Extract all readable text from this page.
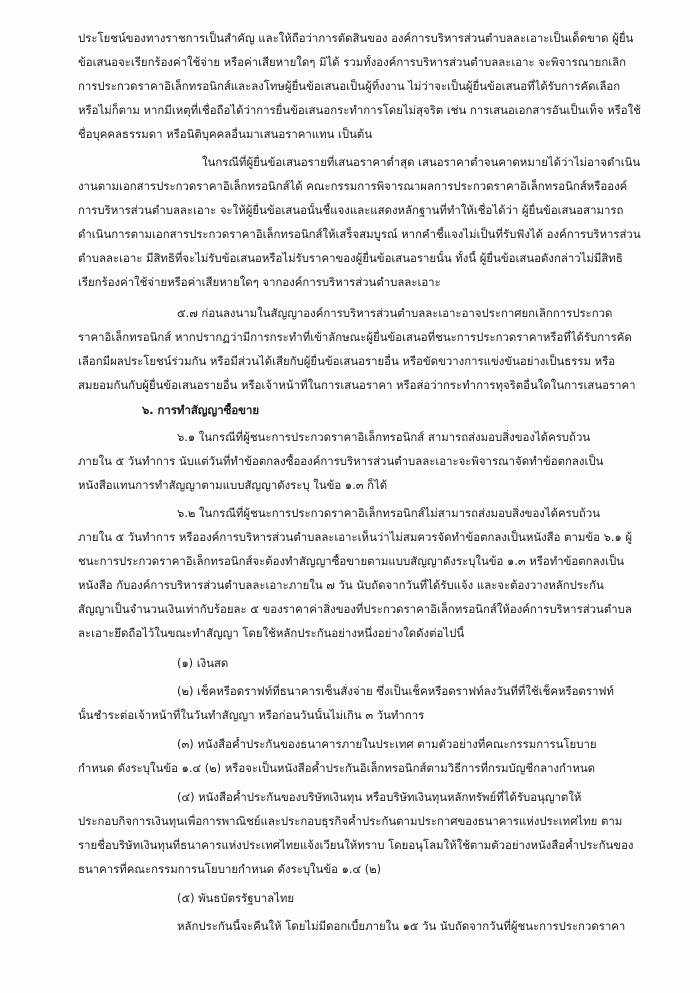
ประโยชน์ของทางราชการเป็นสำคัญ และให้ถือว่าการตัดสินของ องค์การบริหารส่วนตำบลละเอาะเป็นเด็ดขาด ผู้ยื่น
ข้อเสนอจะเรียกร้องค่าใช้จ่าย หรือค่าเสียหายใดๆ มิได้ รวมทั้งองค์การบริหารส่วนตำบลละเอาะ จะพิจารณายกเลิก
การประกวดราคาอิเล็กทรอนิกส์และลงโทษผู้ยื่นข้อเสนอเป็นผู้ทิ้งงาน ไม่ว่าจะเป็นผู้ยื่นข้อเสนอที่ได้รับการคัดเลือก
หรือไม่ก็ตาม หากมีเหตุที่เชื่อถือได้ว่าการยื่นข้อเสนอกระทำการโดยไม่สุจริต เช่น การเสนอเอกสารอันเป็นเท็จ หรือใช้
ชื่อบุคคลธรรมดา หรือนิติบุคคลอื่นมาเสนอราคาแทน เป็นต้น
ในกรณีที่ผู้ยื่นข้อเสนอรายที่เสนอราคาต่ำสุด เสนอราคาต่ำจนคาดหมายได้ว่าไม่อาจดำเนิน
งานตามเอกสารประกวดราคาอิเล็กทรอนิกส์ได้ คณะกรรมการพิจารณาผลการประกวดราคาอิเล็กทรอนิกส์หรือองค์
การบริหารส่วนตำบลละเอาะ จะให้ผู้ยื่นข้อเสนอนั้นชี้แจงและแสดงหลักฐานที่ทำให้เชื่อได้ว่า ผู้ยื่นข้อเสนอสามารถ
ดำเนินการตามเอกสารประกวดราคาอิเล็กทรอนิกส์ให้เสร็จสมบูรณ์ หากคำชี้แจงไม่เป็นที่รับฟังได้ องค์การบริหารส่วน
ตำบลละเอาะ มีสิทธิที่จะไม่รับข้อเสนอหรือไม่รับราคาของผู้ยื่นข้อเสนอรายนั้น ทั้งนี้ ผู้ยื่นข้อเสนอดังกล่าวไม่มีสิทธิ
เรียกร้องค่าใช้จ่ายหรือค่าเสียหายใดๆ จากองค์การบริหารส่วนตำบลละเอาะ
๕.๗ ก่อนลงนามในสัญญาองค์การบริหารส่วนตำบลละเอาะอาจประกาศยกเลิกการประกวด
ราคาอิเล็กทรอนิกส์ หากปรากฏว่ามีการกระทำที่เข้าลักษณะผู้ยื่นข้อเสนอที่ชนะการประกวดราคาหรือที่ได้รับการคัด
เลือกมีผลประโยชน์ร่วมกัน หรือมีส่วนได้เสียกับผู้ยื่นข้อเสนอรายอื่น หรือขัดขวางการแข่งขันอย่างเป็นธรรม หรือ
สมยอมกันกับผู้ยื่นข้อเสนอรายอื่น หรือเจ้าหน้าที่ในการเสนอราคา หรือส่อว่ากระทำการทุจริตอื่นใดในการเสนอราคา
๖. การทำสัญญาซื้อขาย
๖.๑ ในกรณีที่ผู้ชนะการประกวดราคาอิเล็กทรอนิกส์ สามารถส่งมอบสิ่งของได้ครบถ้วน
ภายใน ๕ วันทำการ นับแต่วันที่ทำข้อตกลงซื้อองค์การบริหารส่วนตำบลละเอาะจะพิจารณาจัดทำข้อตกลงเป็น
หนังสือแทนการทำสัญญาตามแบบสัญญาดังระบุ ในข้อ ๑.๓ ก็ได้
๖.๒ ในกรณีที่ผู้ชนะการประกวดราคาอิเล็กทรอนิกส์ไม่สามารถส่งมอบสิ่งของได้ครบถ้วน
ภายใน ๕ วันทำการ หรือองค์การบริหารส่วนตำบลละเอาะเห็นว่าไม่สมควรจัดทำข้อตกลงเป็นหนังสือ ตามข้อ ๖.๑ ผู้
ชนะการประกวดราคาอิเล็กทรอนิกส์จะต้องทำสัญญาซื้อขายตามแบบสัญญาดังระบุในข้อ ๑.๓ หรือทำข้อตกลงเป็น
หนังสือ กับองค์การบริหารส่วนตำบลละเอาะภายใน ๗ วัน นับถัดจากวันที่ได้รับแจ้ง และจะต้องวางหลักประกัน
สัญญาเป็นจำนวนเงินเท่ากับร้อยละ ๕ ของราคาค่าสิ่งของที่ประกวดราคาอิเล็กทรอนิกส์ให้องค์การบริหารส่วนตำบล
ละเอาะยึดถือไว้ในขณะทำสัญญา โดยใช้หลักประกันอย่างหนึ่งอย่างใดดังต่อไปนี้
(๑) เงินสด
(๒) เช็คหรือดราฟท์ที่ธนาคารเซ็นสั่งจ่าย ซึ่งเป็นเช็คหรือดราฟท์ลงวันที่ที่ใช้เช็คหรือดราฟท์
นั้นชำระต่อเจ้าหน้าที่ในวันทำสัญญา หรือก่อนวันนั้นไม่เกิน ๓ วันทำการ
(๓) หนังสือค้ำประกันของธนาคารภายในประเทศ ตามตัวอย่างที่คณะกรรมการนโยบาย
กำหนด ดังระบุในข้อ ๑.๔ (๒) หรือจะเป็นหนังสือค้ำประกันอิเล็กทรอนิกส์ตามวิธีการที่กรมบัญชีกลางกำหนด
(๔) หนังสือค้ำประกันของบริษัทเงินทุน หรือบริษัทเงินทุนหลักทรัพย์ที่ได้รับอนุญาตให้
ประกอบกิจการเงินทุนเพื่อการพาณิชย์และประกอบธุรกิจค้ำประกันตามประกาศของธนาคารแห่งประเทศไทย ตาม
รายชื่อบริษัทเงินทุนที่ธนาคารแห่งประเทศไทยแจ้งเวียนให้ทราบ โดยอนุโลมให้ใช้ตามตัวอย่างหนังสือค้ำประกันของ
ธนาคารที่คณะกรรมการนโยบายกำหนด ดังระบุในข้อ ๑.๔ (๒)
(๕) พันธบัตรรัฐบาลไทย
หลักประกันนี้จะคืนให้ โดยไม่มีดอกเบี้ยภายใน ๑๕ วัน นับถัดจากวันที่ผู้ชนะการประกวดราคา
